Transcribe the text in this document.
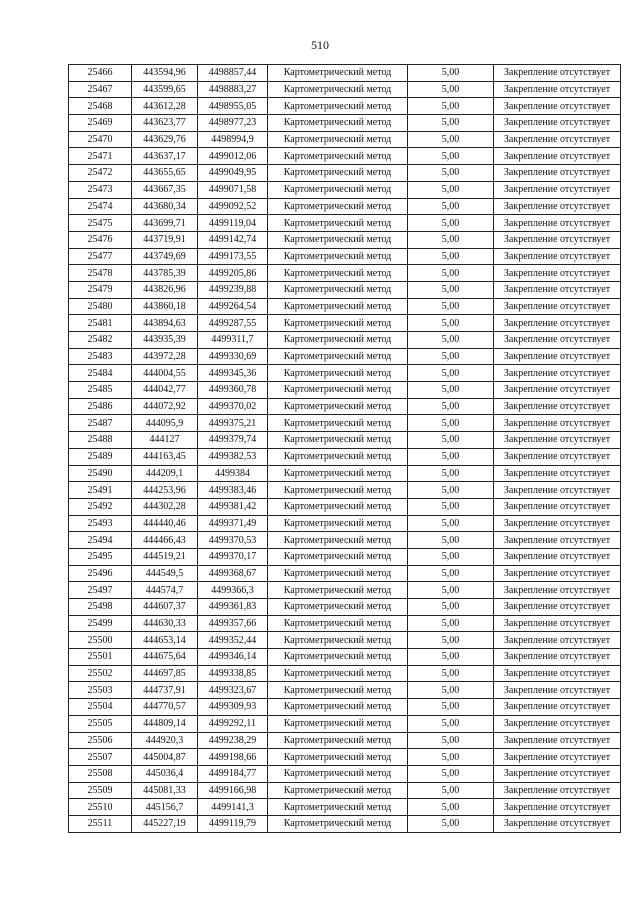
510
25466	443594,96	4498857,44	Картометрический метод	5,00	Закрепление отсутствует
25467	443599,65	4498883,27	Картометрический метод	5,00	Закрепление отсутствует
25468	443612,28	4498955,05	Картометрический метод	5,00	Закрепление отсутствует
25469	443623,77	4498977,23	Картометрический метод	5,00	Закрепление отсутствует
25470	443629,76	4498994,9	Картометрический метод	5,00	Закрепление отсутствует
25471	443637,17	4499012,06	Картометрический метод	5,00	Закрепление отсутствует
25472	443655,65	4499049,95	Картометрический метод	5,00	Закрепление отсутствует
25473	443667,35	4499071,58	Картометрический метод	5,00	Закрепление отсутствует
25474	443680,34	4499092,52	Картометрический метод	5,00	Закрепление отсутствует
25475	443699,71	4499119,04	Картометрический метод	5,00	Закрепление отсутствует
25476	443719,91	4499142,74	Картометрический метод	5,00	Закрепление отсутствует
25477	443749,69	4499173,55	Картометрический метод	5,00	Закрепление отсутствует
25478	443785,39	4499205,86	Картометрический метод	5,00	Закрепление отсутствует
25479	443826,96	4499239,88	Картометрический метод	5,00	Закрепление отсутствует
25480	443860,18	4499264,54	Картометрический метод	5,00	Закрепление отсутствует
25481	443894,63	4499287,55	Картометрический метод	5,00	Закрепление отсутствует
25482	443935,39	4499311,7	Картометрический метод	5,00	Закрепление отсутствует
25483	443972,28	4499330,69	Картометрический метод	5,00	Закрепление отсутствует
25484	444004,55	4499345,36	Картометрический метод	5,00	Закрепление отсутствует
25485	444042,77	4499360,78	Картометрический метод	5,00	Закрепление отсутствует
25486	444072,92	4499370,02	Картометрический метод	5,00	Закрепление отсутствует
25487	444095,9	4499375,21	Картометрический метод	5,00	Закрепление отсутствует
25488	444127	4499379,74	Картометрический метод	5,00	Закрепление отсутствует
25489	444163,45	4499382,53	Картометрический метод	5,00	Закрепление отсутствует
25490	444209,1	4499384	Картометрический метод	5,00	Закрепление отсутствует
25491	444253,96	4499383,46	Картометрический метод	5,00	Закрепление отсутствует
25492	444302,28	4499381,42	Картометрический метод	5,00	Закрепление отсутствует
25493	444440,46	4499371,49	Картометрический метод	5,00	Закрепление отсутствует
25494	444466,43	4499370,53	Картометрический метод	5,00	Закрепление отсутствует
25495	444519,21	4499370,17	Картометрический метод	5,00	Закрепление отсутствует
25496	444549,5	4499368,67	Картометрический метод	5,00	Закрепление отсутствует
25497	444574,7	4499366,3	Картометрический метод	5,00	Закрепление отсутствует
25498	444607,37	4499361,83	Картометрический метод	5,00	Закрепление отсутствует
25499	444630,33	4499357,66	Картометрический метод	5,00	Закрепление отсутствует
25500	444653,14	4499352,44	Картометрический метод	5,00	Закрепление отсутствует
25501	444675,64	4499346,14	Картометрический метод	5,00	Закрепление отсутствует
25502	444697,85	4499338,85	Картометрический метод	5,00	Закрепление отсутствует
25503	444737,91	4499323,67	Картометрический метод	5,00	Закрепление отсутствует
25504	444770,57	4499309,93	Картометрический метод	5,00	Закрепление отсутствует
25505	444809,14	4499292,11	Картометрический метод	5,00	Закрепление отсутствует
25506	444920,3	4499238,29	Картометрический метод	5,00	Закрепление отсутствует
25507	445004,87	4499198,66	Картометрический метод	5,00	Закрепление отсутствует
25508	445036,4	4499184,77	Картометрический метод	5,00	Закрепление отсутствует
25509	445081,33	4499166,98	Картометрический метод	5,00	Закрепление отсутствует
25510	445156,7	4499141,3	Картометрический метод	5,00	Закрепление отсутствует
25511	445227,19	4499119,79	Картометрический метод	5,00	Закрепление отсутствует
